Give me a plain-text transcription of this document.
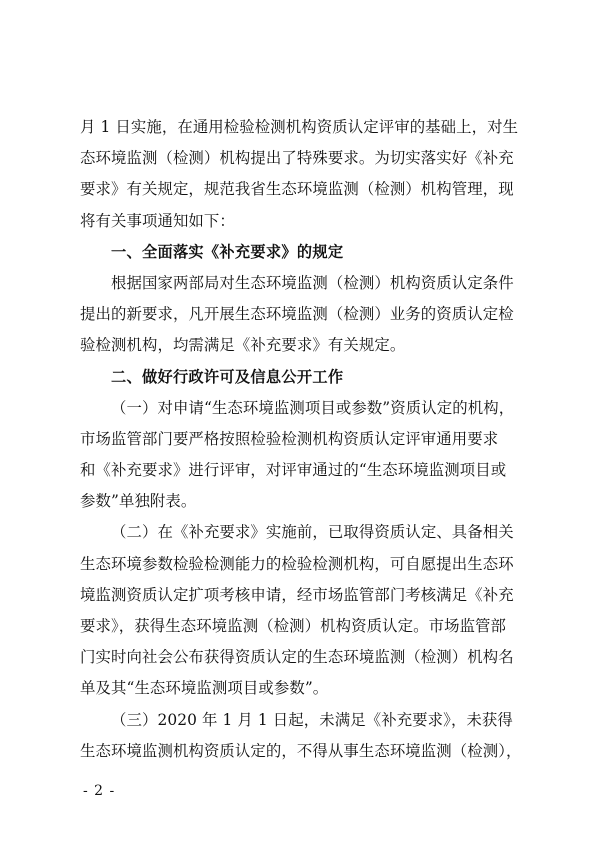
月 1 日实施，在通用检验检测机构资质认定评审的基础上，对生
态环境监测（检测）机构提出了特殊要求。为切实落实好《补充
要求》有关规定，规范我省生态环境监测（检测）机构管理，现
将有关事项通知如下：
一、全面落实《补充要求》的规定
根据国家两部局对生态环境监测（检测）机构资质认定条件
提出的新要求，凡开展生态环境监测（检测）业务的资质认定检
验检测机构，均需满足《补充要求》有关规定。
二、做好行政许可及信息公开工作
（一）对申请“生态环境监测项目或参数”资质认定的机构，
市场监管部门要严格按照检验检测机构资质认定评审通用要求
和《补充要求》进行评审，对评审通过的“生态环境监测项目或
参数”单独附表。
（二）在《补充要求》实施前，已取得资质认定、具备相关
生态环境参数检验检测能力的检验检测机构，可自愿提出生态环
境监测资质认定扩项考核申请，经市场监管部门考核满足《补充
要求》，获得生态环境监测（检测）机构资质认定。市场监管部
门实时向社会公布获得资质认定的生态环境监测（检测）机构名
单及其“生态环境监测项目或参数”。
（三）2020 年 1 月 1 日起，未满足《补充要求》，未获得
生态环境监测机构资质认定的，不得从事生态环境监测（检测），
- 2 -
